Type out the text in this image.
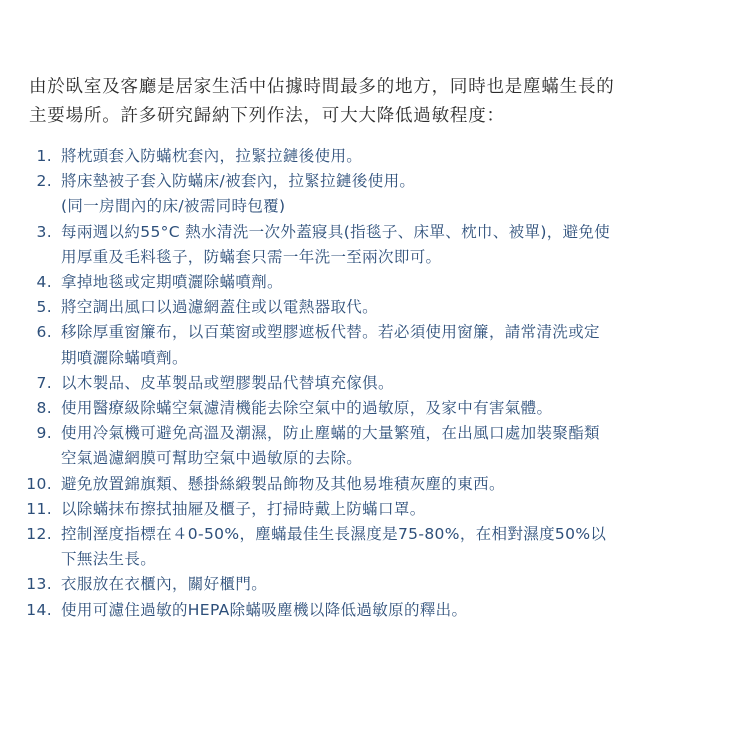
由於臥室及客廳是居家生活中佔據時間最多的地方，同時也是塵蟎生長的

主要場所。許多研究歸納下列作法，可大大降低過敏程度：

1. 將枕頭套入防蟎枕套內，拉緊拉鏈後使用。
2. 將床墊被子套入防蟎床/被套內，拉緊拉鏈後使用。
(同一房間內的床/被需同時包覆)
3. 每兩週以約55°C 熱水清洗一次外蓋寢具(指毯子、床單、枕巾、被單)，避免使
用厚重及毛料毯子，防蟎套只需一年洗一至兩次即可。
4. 拿掉地毯或定期噴灑除蟎噴劑。
5. 將空調出風口以過濾網蓋住或以電熱器取代。
6. 移除厚重窗簾布，以百葉窗或塑膠遮板代替。若必須使用窗簾，請常清洗或定
期噴灑除蟎噴劑。
7. 以木製品、皮革製品或塑膠製品代替填充傢俱。
8. 使用醫療級除蟎空氣濾清機能去除空氣中的過敏原，及家中有害氣體。
9. 使用冷氣機可避免高溫及潮濕，防止塵蟎的大量繁殖，在出風口處加裝聚酯類
空氣過濾網膜可幫助空氣中過敏原的去除。
10. 避免放置錦旗類、懸掛絲緞製品飾物及其他易堆積灰塵的東西。
11. 以除蟎抹布擦拭抽屜及櫃子，打掃時戴上防蟎口罩。
12. 控制溼度指標在４0-50%，塵蟎最佳生長濕度是75-80%，在相對濕度50%以
下無法生長。
13. 衣服放在衣櫃內，關好櫃門。
14. 使用可濾住過敏的HEPA除蟎吸塵機以降低過敏原的釋出。
